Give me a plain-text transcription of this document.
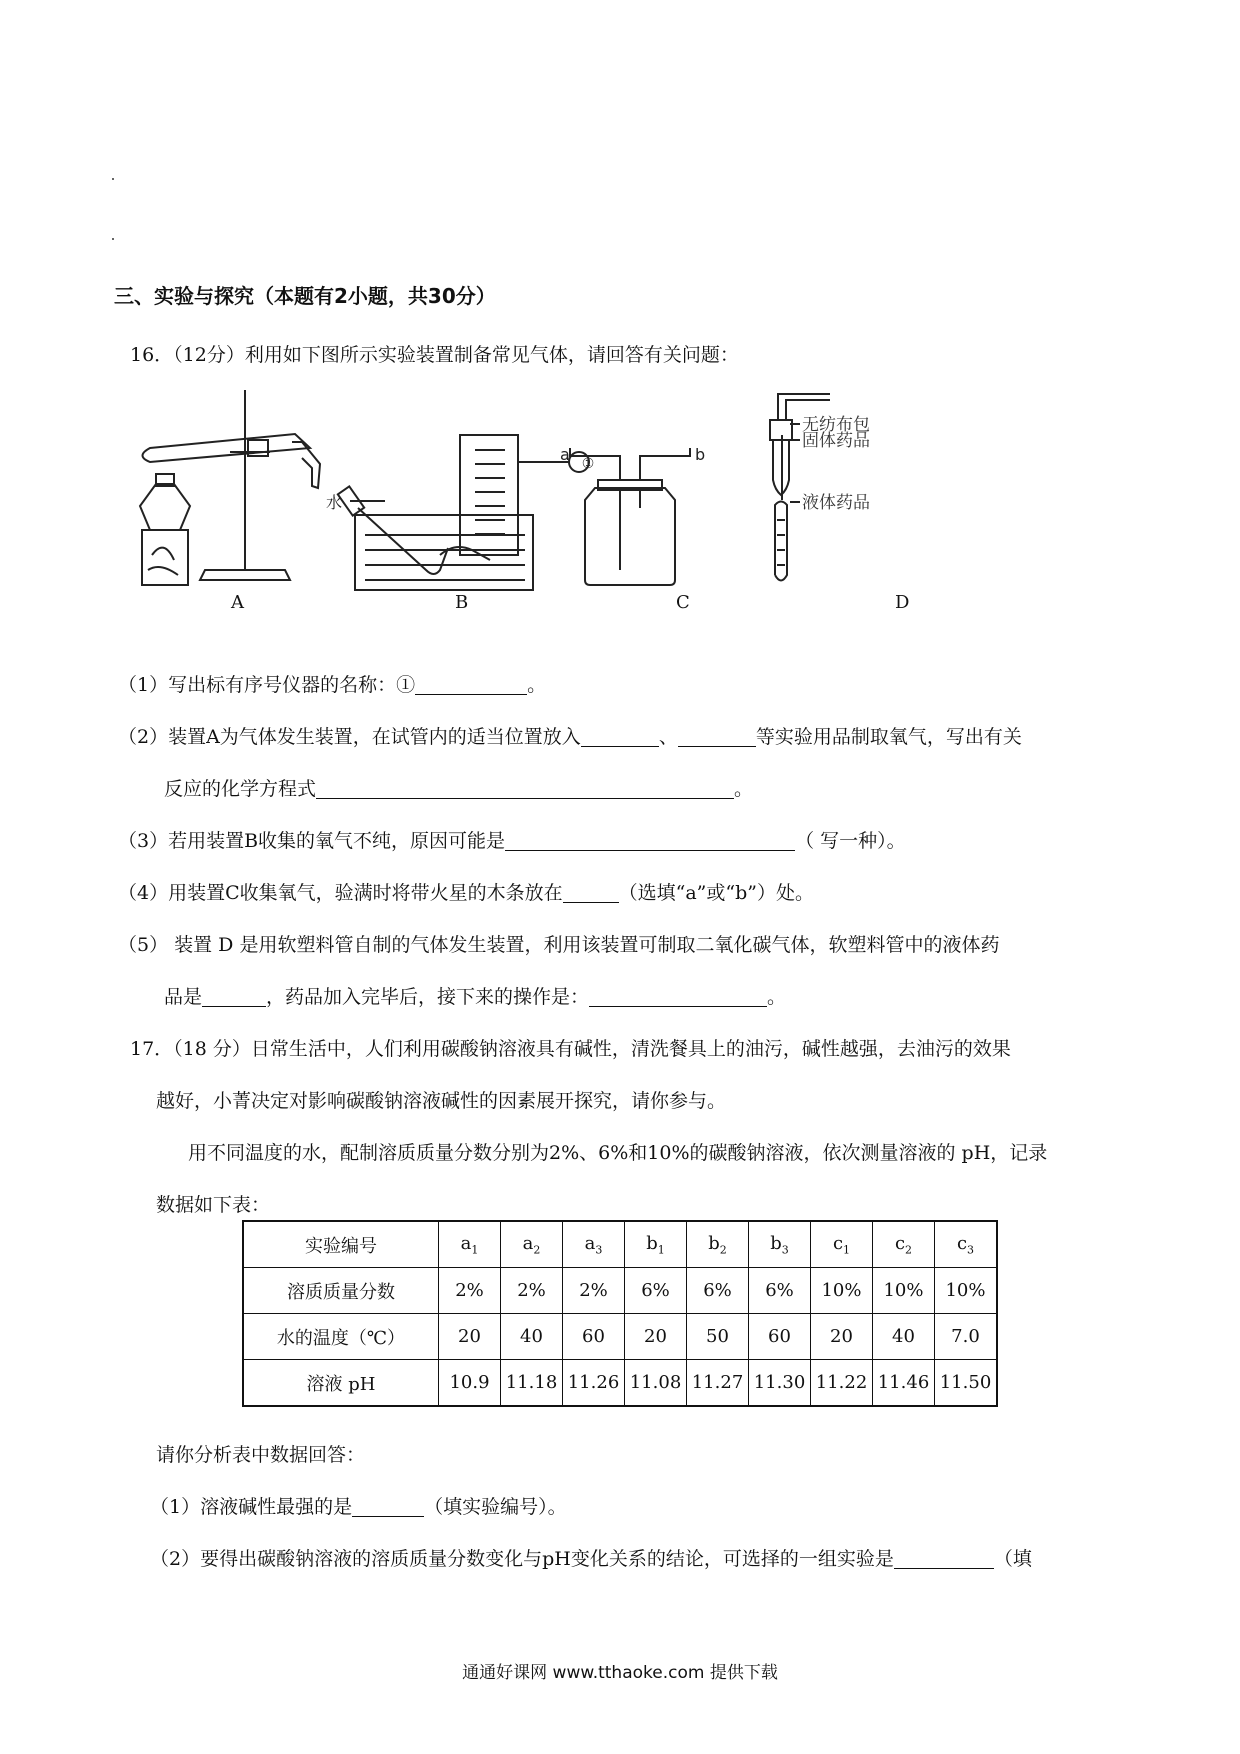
三、实验与探究（本题有2小题，共30分）
16．（12分）利用如下图所示实验装置制备常见气体，请回答有关问题：
①
水
a	b
无纺布包
固体药品
液体药品
A	B	C	D
（1）写出标有序号仪器的名称：①	。
（2）装置A为气体发生装置，在试管内的适当位置放入	、	等实验用品制取氧气，写出有关
反应的化学方程式	。
（3）若用装置B收集的氧气不纯，原因可能是	（ 写一种）。
（4）用装置C收集氧气，验满时将带火星的木条放在	（选填“a”或“b”）处。
（5） 装置 D 是用软塑料管自制的气体发生装置，利用该装置可制取二氧化碳气体，软塑料管中的液体药
品是	，药品加入完毕后，接下来的操作是：	。
17．（18 分）日常生活中，人们利用碳酸钠溶液具有碱性，清洗餐具上的油污，碱性越强，去油污的效果
越好，小菁决定对影响碳酸钠溶液碱性的因素展开探究，请你参与。
用不同温度的水，配制溶质质量分数分别为2%、6%和10%的碳酸钠溶液，依次测量溶液的 pH，记录
数据如下表：
实验编号	$a_1$	$a_2$	$a_3$	$b_1$	$b_2$	$b_3$	$c_1$	$c_2$	$c_3$
溶质质量分数	2%	2%	2%	6%	6%	6%	10%	10%	10%
水的温度（℃）	20	40	60	20	50	60	20	40	7.0
溶液 pH	10.9	11.18	11.26	11.08	11.27	11.30	11.22	11.46	11.50
请你分析表中数据回答：
（1）溶液碱性最强的是	（填实验编号）。
（2）要得出碳酸钠溶液的溶质质量分数变化与pH变化关系的结论，可选择的一组实验是	（填
通通好课网 www.tthaoke.com 提供下载
